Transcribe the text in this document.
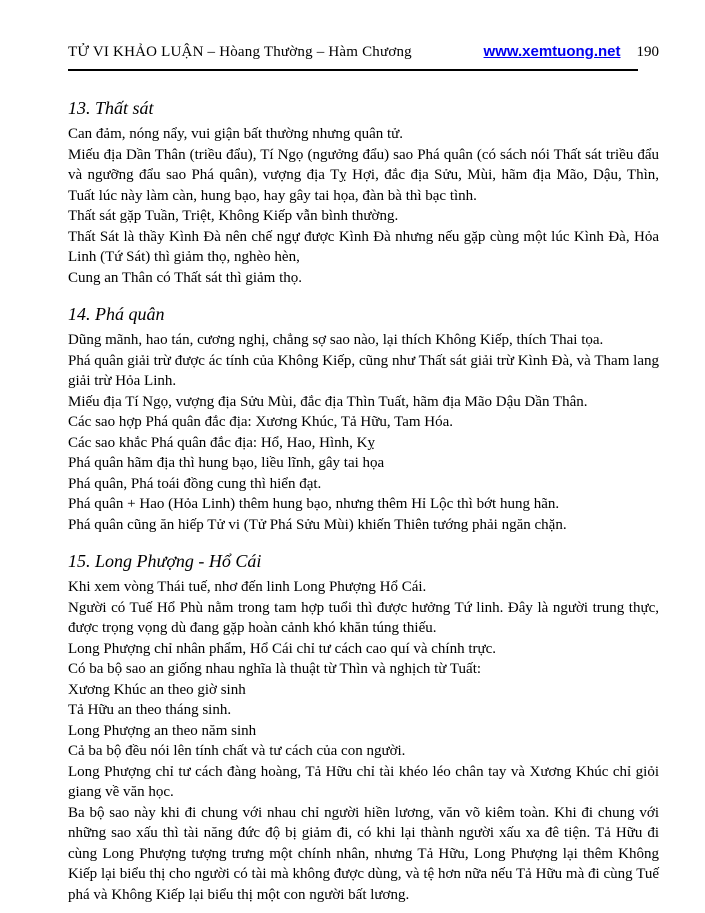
TỬ VI KHẢO LUẬN – Hòang Thường – Hàm Chương	www.xemtuong.net 190
13. Thất sát

Can đảm, nóng nẩy, vui giận bất thường nhưng quân tử.

Miếu địa Dần Thân (triều đẩu), Tí Ngọ (ngưởng đẩu) sao Phá quân (có sách nói Thất sát triều đẩu và ngưỡng đẩu sao Phá quân), vượng địa Tỵ Hợi, đắc địa Sửu, Mùi, hãm địa Mão, Dậu, Thìn, Tuất lúc này làm càn, hung bạo, hay gây tai họa, đàn bà thì bạc tình.

Thất sát gặp Tuần, Triệt, Không Kiếp vẫn bình thường.

Thất Sát là thầy Kình Đà nên chế ngự được Kình Đà nhưng nếu gặp cùng một lúc Kình Đà, Hỏa Linh (Tứ Sát) thì giảm thọ, nghèo hèn,

Cung an Thân có Thất sát thì giảm thọ.

14. Phá quân

Dũng mãnh, hao tán, cương nghị, chẳng sợ sao nào, lại thích Không Kiếp, thích Thai tọa.

Phá quân giải trừ được ác tính của Không Kiếp, cũng như Thất sát giải trừ Kình Đà, và Tham lang giải trừ Hỏa Linh.

Miếu địa Tí Ngọ, vượng địa Sửu Mùi, đắc địa Thìn Tuất, hãm địa Mão Dậu Dần Thân.

Các sao hợp Phá quân đắc địa: Xương Khúc, Tả Hữu, Tam Hóa.

Các sao khắc Phá quân đắc địa: Hổ, Hao, Hình, Kỵ

Phá quân hãm địa thì hung bạo, liều lĩnh, gây tai họa

Phá quân, Phá toái đồng cung thì hiển đạt.

Phá quân + Hao (Hỏa Linh) thêm hung bạo, nhưng thêm Hỉ Lộc thì bớt hung hãn.

Phá quân cũng ăn hiếp Tử vi (Tử Phá Sửu Mùi) khiến Thiên tướng phải ngăn chặn.

15. Long Phượng - Hổ Cái

Khi xem vòng Thái tuế, nhơ đến linh Long Phượng Hổ Cái.

Người có Tuế Hổ Phù nằm trong tam hợp tuổi thì được hưởng Tứ linh. Đây là người trung thực, được trọng vọng dù đang gặp hoàn cảnh khó khăn túng thiếu.

Long Phượng chỉ nhân phẩm, Hổ Cái chỉ tư cách cao quí và chính trực.

Có ba bộ sao an giống nhau nghĩa là thuật từ Thìn và nghịch từ Tuất:

Xương Khúc an theo giờ sinh

Tả Hữu an theo tháng sinh.

Long Phượng an theo năm sinh

Cả ba bộ đều nói lên tính chất và tư cách của con người.

Long Phượng chỉ tư cách đàng hoàng, Tả Hữu chỉ tài khéo léo chân tay và Xương Khúc chỉ giỏi giang về văn học.

Ba bộ sao này khi đi chung với nhau chỉ người hiền lương, văn võ kiêm toàn. Khi đi chung với những sao xấu thì tài năng đức độ bị giảm đi, có khi lại thành người xấu xa đê tiện. Tả Hữu đi cùng Long Phượng tượng trưng một chính nhân, nhưng Tả Hữu, Long Phượng lại thêm Không Kiếp lại biểu thị cho người có tài mà không được dùng, và tệ hơn nữa nếu Tả Hữu mà đi cùng Tuế phá và Không Kiếp lại biểu thị một con người bất lương.
